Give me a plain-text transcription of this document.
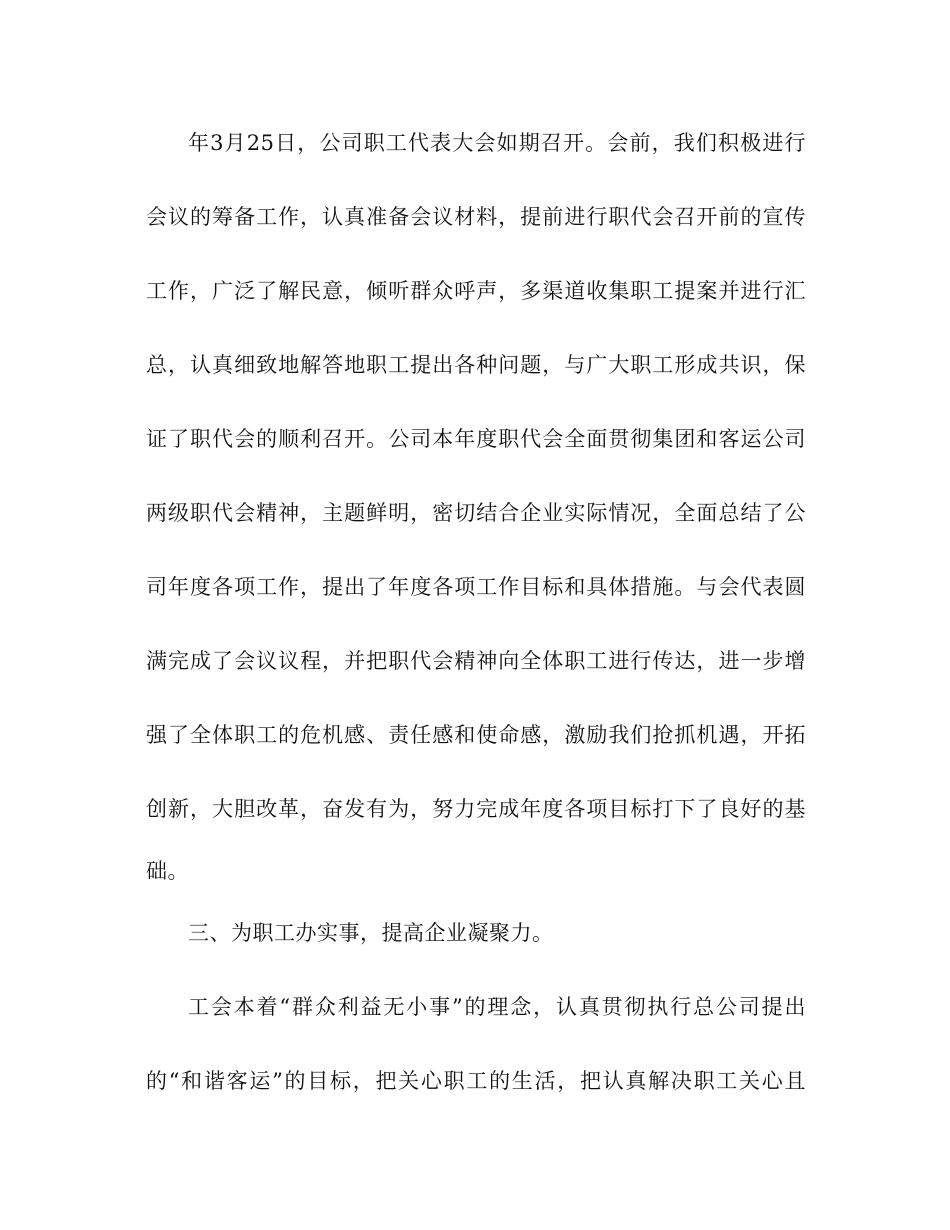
年3月25日，公司职工代表大会如期召开。会前，我们积极进行
会议的筹备工作，认真准备会议材料，提前进行职代会召开前的宣传
工作，广泛了解民意，倾听群众呼声，多渠道收集职工提案并进行汇
总，认真细致地解答地职工提出各种问题，与广大职工形成共识，保
证了职代会的顺利召开。公司本年度职代会全面贯彻集团和客运公司
两级职代会精神，主题鲜明，密切结合企业实际情况，全面总结了公
司年度各项工作，提出了年度各项工作目标和具体措施。与会代表圆
满完成了会议议程，并把职代会精神向全体职工进行传达，进一步增
强了全体职工的危机感、责任感和使命感，激励我们抢抓机遇，开拓
创新，大胆改革，奋发有为，努力完成年度各项目标打下了良好的基
础。
三、为职工办实事，提高企业凝聚力。
工会本着“群众利益无小事”的理念，认真贯彻执行总公司提出
的“和谐客运”的目标，把关心职工的生活，把认真解决职工关心且
